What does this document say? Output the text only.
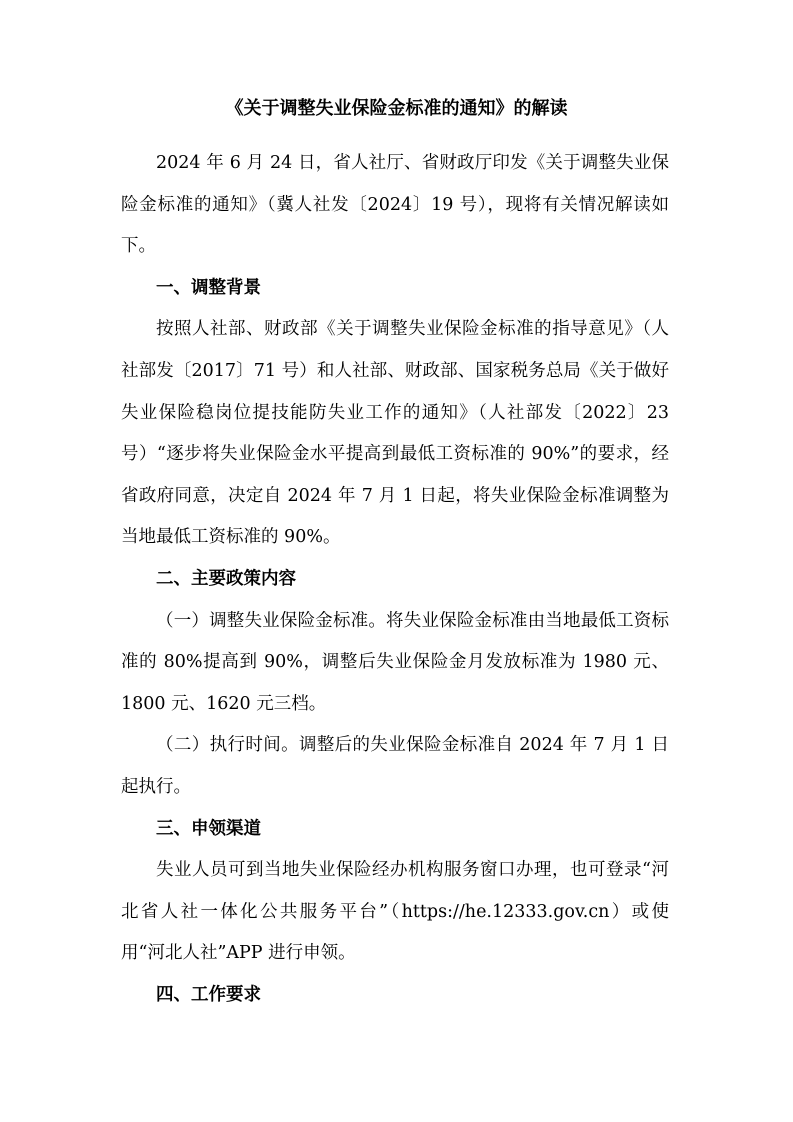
《关于调整失业保险金标准的通知》的解读

2024 年 6 月 24 日，省人社厅、省财政厅印发《关于调整失业保险金标准的通知》（冀人社发〔2024〕19 号），现将有关情况解读如下。

一、调整背景

按照人社部、财政部《关于调整失业保险金标准的指导意见》（人社部发〔2017〕71 号）和人社部、财政部、国家税务总局《关于做好失业保险稳岗位提技能防失业工作的通知》（人社部发〔2022〕23 号）“逐步将失业保险金水平提高到最低工资标准的 90%”的要求，经省政府同意，决定自 2024 年 7 月 1 日起，将失业保险金标准调整为当地最低工资标准的 90%。

二、主要政策内容

（一）调整失业保险金标准。将失业保险金标准由当地最低工资标准的 80%提高到 90%，调整后失业保险金月发放标准为 1980 元、1800 元、1620 元三档。

（二）执行时间。调整后的失业保险金标准自 2024 年 7 月 1 日起执行。

三、申领渠道

失业人员可到当地失业保险经办机构服务窗口办理，也可登录“河北省人社一体化公共服务平台”（https://he.12333.gov.cn）或使用“河北人社”APP 进行申领。

四、工作要求
